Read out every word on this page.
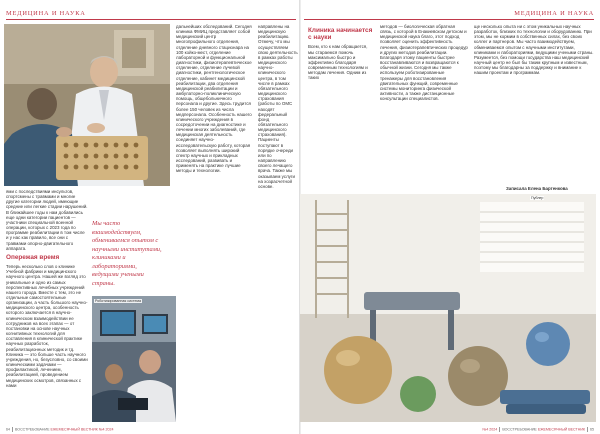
МЕДИЦИНА И НАУКА

ями с последствиями инсультов, спортсмены с травмами и многие другие категории людей, имеющие средние или легкие стадии нарушений. В ближайшее годы к нам добавились еще одни категории пациентов — участники специальной военной операции, которых с 2023 года по программе реабилитации в том числе и у нас как правило, все они с травмами опорно-двигательного аппарата.

Опережая время

Теперь несколько слов о клинике Учебной фабрики и медицинского научного центра. Нашей же взгляд это уникальные и одно из самых перспективных лечебных учреждений нашего города. Вместе с тем, это не отдельные самостоятельные организации, а часть большого научно-медицинского центра, особенность которого заключается в научно-клиническом взаимодействии ее сотрудников на всех этапах — от постановки на основе научных когнитивных технологий для составления в клинической практике научных разработок, реабилитационных методик и тд. Клиника — это больше часть научного учреждения, но, безусловно, со своими клиническими задачами — профилактикой, лечением, реабилитацией, проведением медицинских осмотров, связанных с нами

Мы часто взаимодействуем, обмениваемся опытом с научными институтами, клиниками и лабораториями, ведущими учеными страны.
Роботизированная система

дальнейших обследований. Сегодня клиника ФМИЦ представляет собой медицинский центр многопрофильного отделения, отделение дневного стационара на 100 койко-мест, отделение лабораторной и функциональной диагностики, физиотерапевтическое отделение, отделение лучевой диагностики, рентгенологическое отделение, кабинет медицинской реабилитации, два отделения медицинской реабилитации и амбулаторно-поликлиническую помощь, общебольничного персонала и другие. Здесь трудится более 150 человек из числа медперсонала. Особенность нашего клинического учреждения в сосредоточении на диагностике и лечении многих заболеваний, где медицинская деятельность соединяет научно-исследовательскую работу, которая позволяет выполнять широкий спектр научных и прикладных исследований, развивать и применять на практике лучшие методы и технологии.

направлены на медицинскую реабилитацию. Отмечу, что мы осуществляем свою деятельность в рамках работы медицинского научно-клинического центра, в том числе в рамках обязательного медицинского страхования (работы по ОМС находят федеральный фонд обязательного медицинского страхования). Пациенты поступают в порядке очереди или по направлению своего лечащего врача. Также мы оказываем услуги на хозрасчетной основе.

64 ВОССТРЕБОВАНИЕ ЕЖЕМЕСЯЧНЫЙ ВЕСТНИК №4 2024
МЕДИЦИНА И НАУКА
Клиника начинается с науки

Всем, кто к нам обращается, мы стараемся помочь максимально быстро и эффективно благодаря современным технологиям и методам лечения. Одним из таких

методов — биологическая обратная связь, с которой в Енакиевском детском и медицинской наука благо, этот подход позволяет оценить эффективность лечения, физиотерапевтических процедур и других методов реабилитации. Благодаря этому пациенты быстрее восстанавливаются и возвращаются к обычной жизни. Сегодня мы также используем роботизированные тренажеры для восстановления двигательных функций, современные системы мониторинга физической активности, а также дистанционные консультации специалистов.

ще несколько опыта ни с этом уникальных научных разработок, близких по технологии и оборудованию. При этом, мы не кормим в собственных силах, без своих коллег и партнеров. Мы часто взаимодействуем, обмениваемся опытом с научными институтами, клиниками и лабораториями, ведущими учеными страны. Разумеется, без помощи государства наш медицинский научный центр не был бы таким крупным и известным, поэтому мы благодарны за поддержку и внимание к нашим проектам и программам.

Записала Елена Бартенкова
Публер
№4 2024 ВОССТРЕБОВАНИЕ ЕЖЕМЕСЯЧНЫЙ ВЕСТНИК 65
